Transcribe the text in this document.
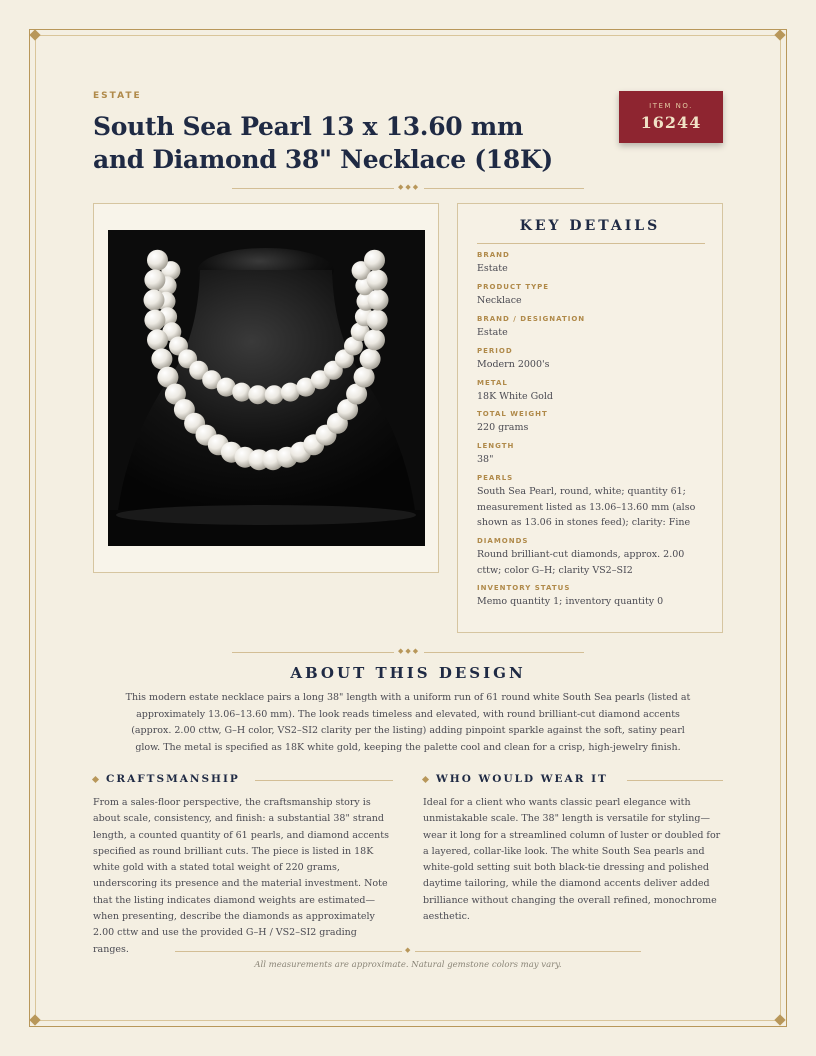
ESTATE
South Sea Pearl 13 x 13.60 mm and Diamond 38" Necklace (18K)
ITEM NO.
16244
◆◆◆
KEY DETAILS
BRAND
Estate
PRODUCT TYPE
Necklace
BRAND / DESIGNATION
Estate
PERIOD
Modern 2000's
METAL
18K White Gold
TOTAL WEIGHT
220 grams
LENGTH
38"
PEARLS
South Sea Pearl, round, white; quantity 61; measurement listed as 13.06–13.60 mm (also shown as 13.06 in stones feed); clarity: Fine
DIAMONDS
Round brilliant-cut diamonds, approx. 2.00 cttw; color G–H; clarity VS2–SI2
INVENTORY STATUS
Memo quantity 1; inventory quantity 0
◆◆◆
ABOUT THIS DESIGN

This modern estate necklace pairs a long 38" length with a uniform run of 61 round white South Sea pearls (listed at approximately 13.06–13.60 mm). The look reads timeless and elevated, with round brilliant-cut diamond accents (approx. 2.00 cttw, G–H color, VS2–SI2 clarity per the listing) adding pinpoint sparkle against the soft, satiny pearl glow. The metal is specified as 18K white gold, keeping the palette cool and clean for a crisp, high-jewelry finish.

CRAFTSMANSHIP

From a sales-floor perspective, the craftsmanship story is about scale, consistency, and finish: a substantial 38" strand length, a counted quantity of 61 pearls, and diamond accents specified as round brilliant cuts. The piece is listed in 18K white gold with a stated total weight of 220 grams, underscoring its presence and the material investment. Note that the listing indicates diamond weights are estimated—when presenting, describe the diamonds as approximately 2.00 cttw and use the provided G–H / VS2–SI2 grading ranges.

WHO WOULD WEAR IT

Ideal for a client who wants classic pearl elegance with unmistakable scale. The 38" length is versatile for styling—wear it long for a streamlined column of luster or doubled for a layered, collar-like look. The white South Sea pearls and white-gold setting suit both black-tie dressing and polished daytime tailoring, while the diamond accents deliver added brilliance without changing the overall refined, monochrome aesthetic.

◆

All measurements are approximate. Natural gemstone colors may vary.
